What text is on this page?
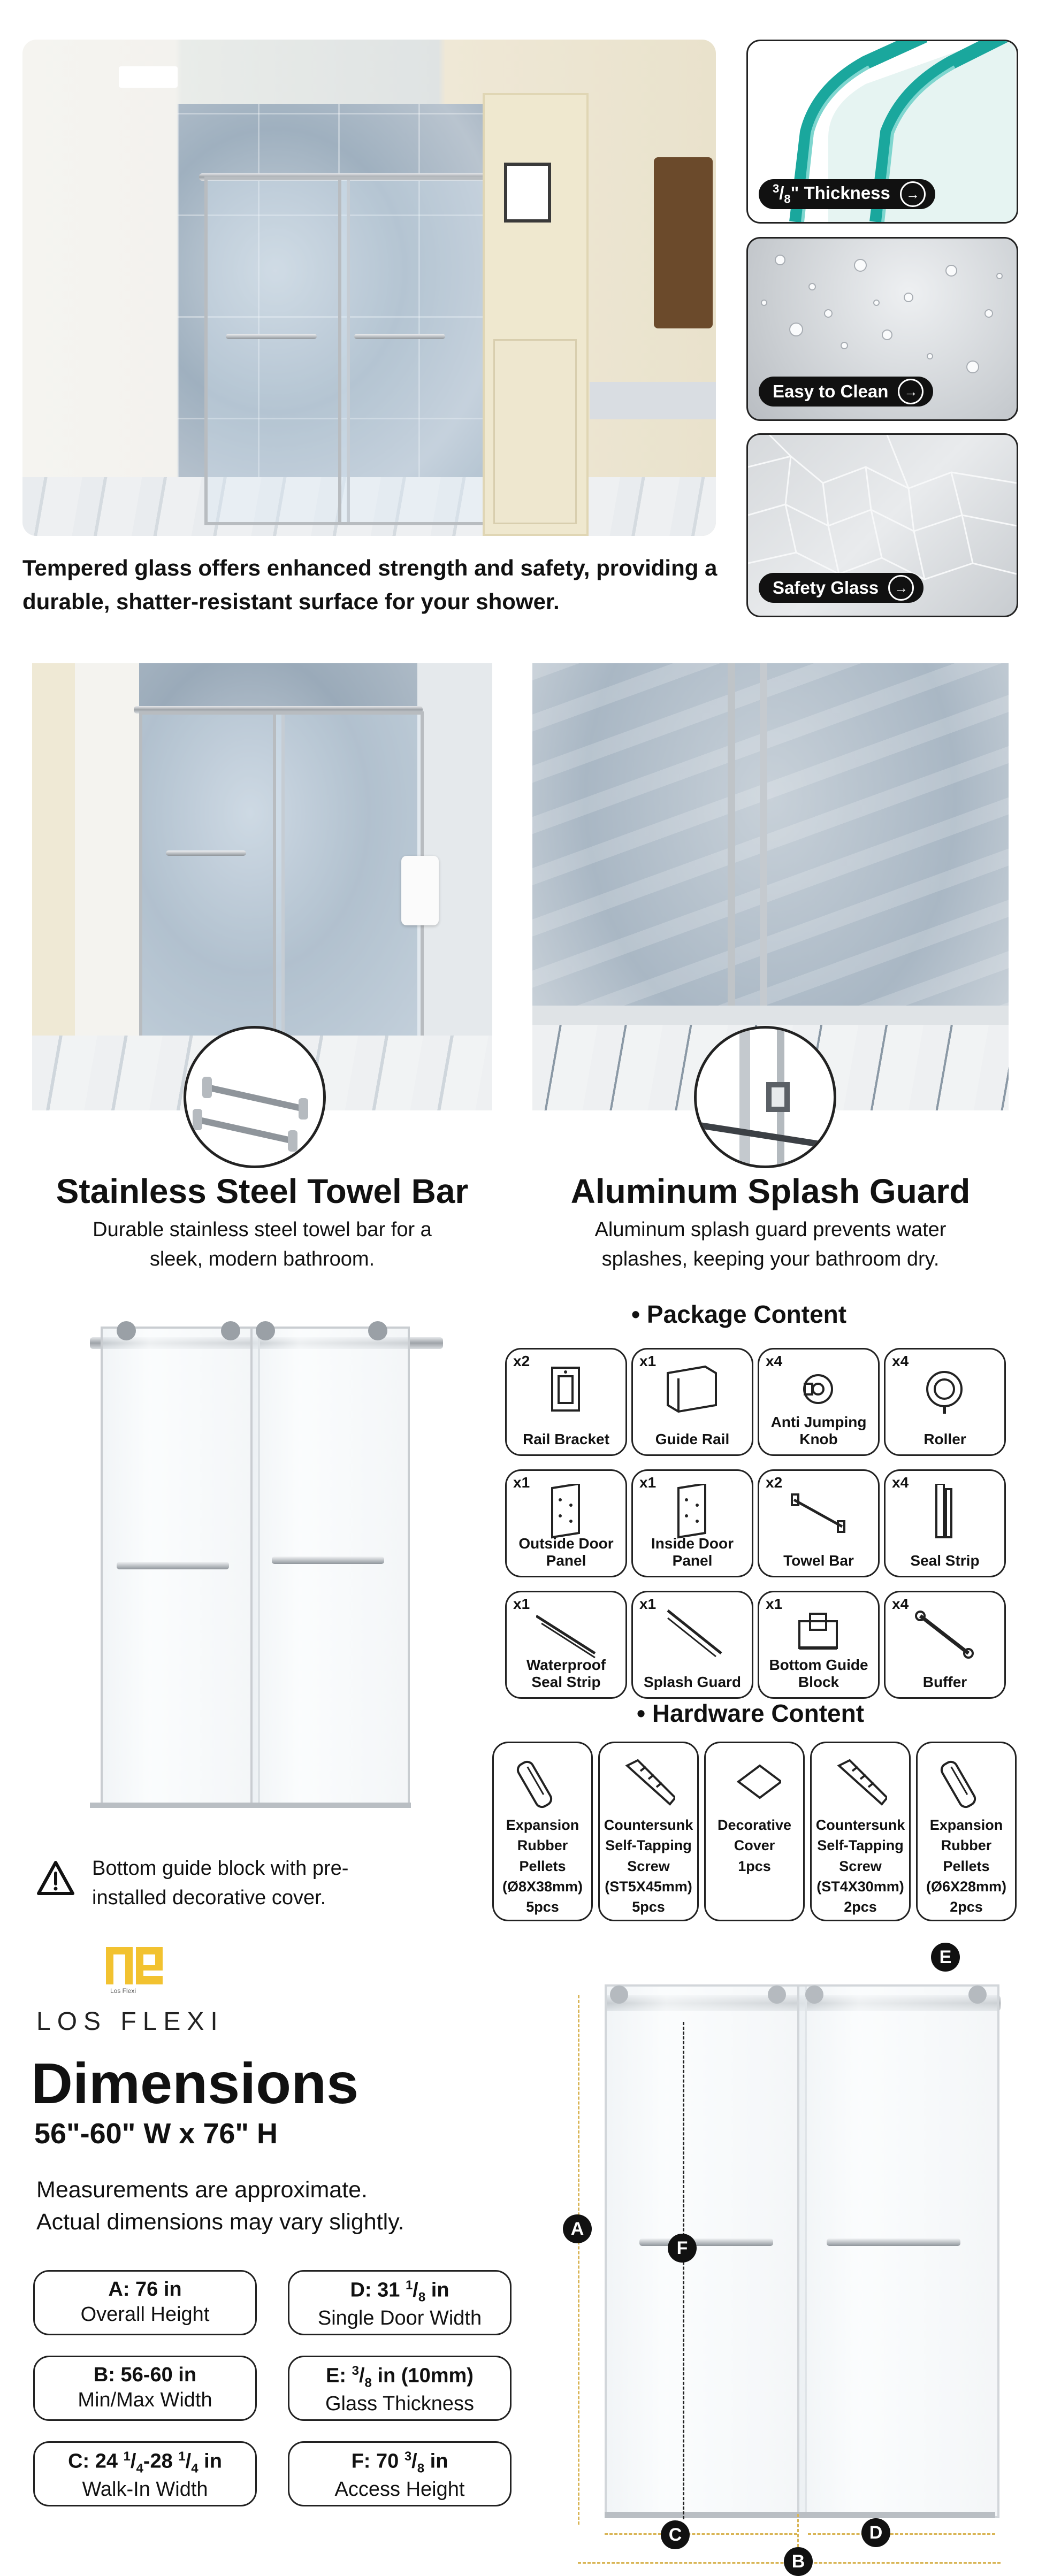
$^3/_8$" Thickness	→
Easy to Clean	→
Safety Glass	→
Tempered glass offers enhanced strength and safety, providing a durable, shatter-resistant surface for your shower.
Stainless Steel Towel Bar
Durable stainless steel towel bar for a sleek, modern bathroom.
Aluminum Splash Guard
Aluminum splash guard prevents water splashes, keeping your bathroom dry.
Bottom guide block with pre-installed decorative cover.
• Package Content
x2
Rail Bracket
x1
Guide Rail
x4
Anti Jumping Knob
x4
Roller
x1
Outside Door Panel
x1
Inside Door Panel
x2
Towel Bar
x4
Seal Strip
x1
Waterproof Seal Strip
x1
Splash Guard
x1
Bottom Guide Block
x4
Buffer
• Hardware Content
Expansion
Rubber
Pellets
(Ø8X38mm)
5pcs
Countersunk
Self-Tapping
Screw
(ST5X45mm)
5pcs
Decorative
Cover
1pcs
Countersunk
Self-Tapping
Screw
(ST4X30mm)
2pcs
Expansion
Rubber
Pellets
(Ø6X28mm)
2pcs
Los Flexi
LOS FLEXI
Dimensions
56"-60" W x 76" H
Measurements are approximate.
Actual dimensions may vary slightly.
A: 76 in
Overall Height
D: 31 $^1/_8$ in
Single Door Width
B: 56-60 in
Min/Max Width
E: $^3/_8$ in (10mm)
Glass Thickness
C: 24 $^1/_4-28$ $^1/_4$ in
Walk-In Width
F: 70 $^3/_8$ in
Access Height
A
F
C	D
B
E
